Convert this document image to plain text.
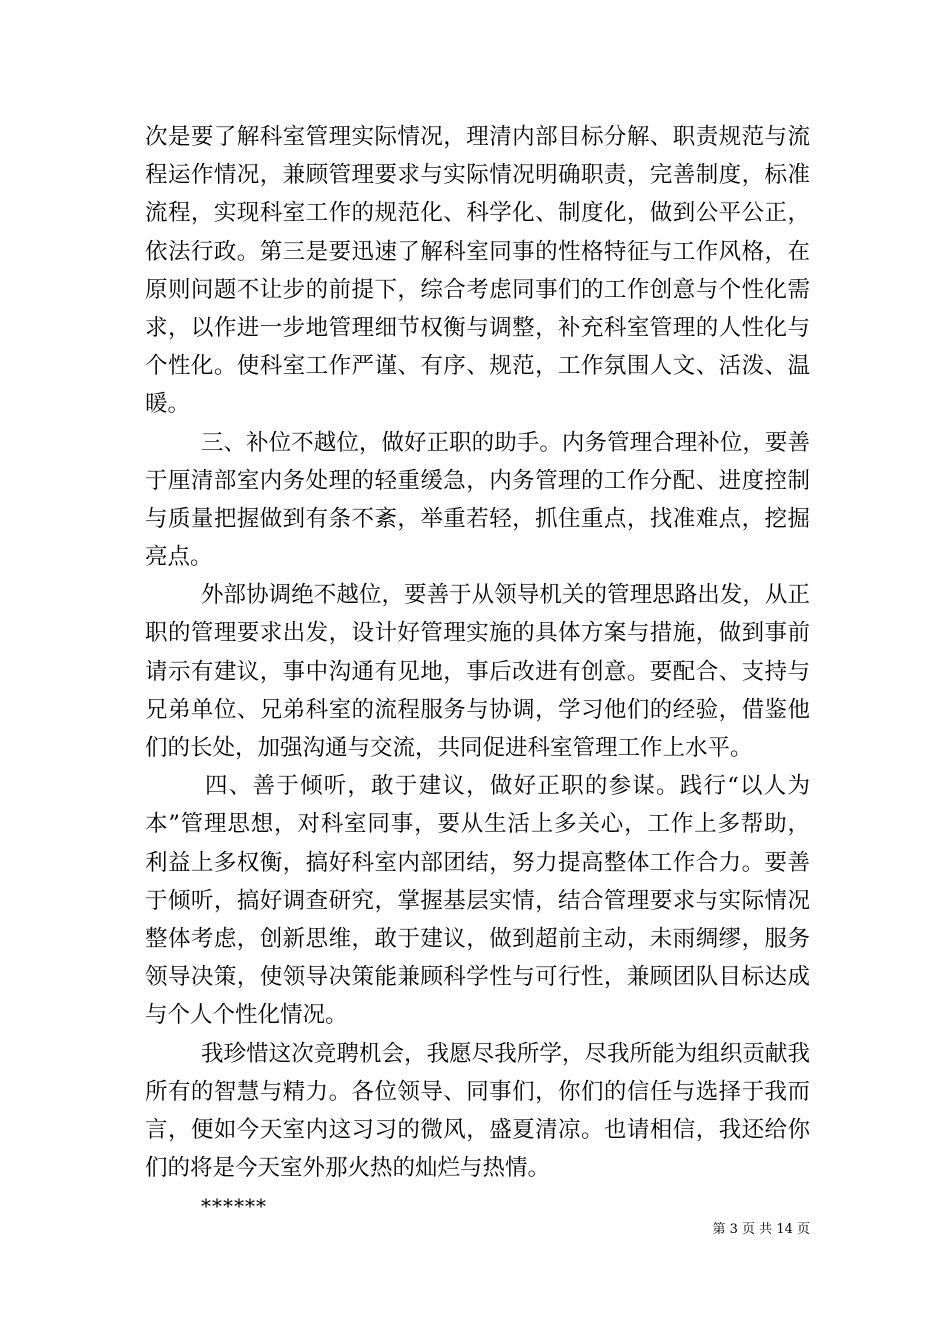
次是要了解科室管理实际情况，理清内部目标分解、职责规范与流
程运作情况，兼顾管理要求与实际情况明确职责，完善制度，标准
流程，实现科室工作的规范化、科学化、制度化，做到公平公正，
依法行政。第三是要迅速了解科室同事的性格特征与工作风格，在
原则问题不让步的前提下，综合考虑同事们的工作创意与个性化需
求，以作进一步地管理细节权衡与调整，补充科室管理的人性化与
个性化。使科室工作严谨、有序、规范，工作氛围人文、活泼、温
暖。
三、补位不越位，做好正职的助手。内务管理合理补位，要善
于厘清部室内务处理的轻重缓急，内务管理的工作分配、进度控制
与质量把握做到有条不紊，举重若轻，抓住重点，找准难点，挖掘
亮点。
外部协调绝不越位，要善于从领导机关的管理思路出发，从正
职的管理要求出发，设计好管理实施的具体方案与措施，做到事前
请示有建议，事中沟通有见地，事后改进有创意。要配合、支持与
兄弟单位、兄弟科室的流程服务与协调，学习他们的经验，借鉴他
们的长处，加强沟通与交流，共同促进科室管理工作上水平。
四、善于倾听，敢于建议，做好正职的参谋。践行“以人为
本”管理思想，对科室同事，要从生活上多关心，工作上多帮助，
利益上多权衡，搞好科室内部团结，努力提高整体工作合力。要善
于倾听，搞好调查研究，掌握基层实情，结合管理要求与实际情况
整体考虑，创新思维，敢于建议，做到超前主动，未雨绸缪，服务
领导决策，使领导决策能兼顾科学性与可行性，兼顾团队目标达成
与个人个性化情况。
我珍惜这次竞聘机会，我愿尽我所学，尽我所能为组织贡献我
所有的智慧与精力。各位领导、同事们，你们的信任与选择于我而
言，便如今天室内这习习的微风，盛夏清凉。也请相信，我还给你
们的将是今天室外那火热的灿烂与热情。
******
第 3 页 共 14 页
